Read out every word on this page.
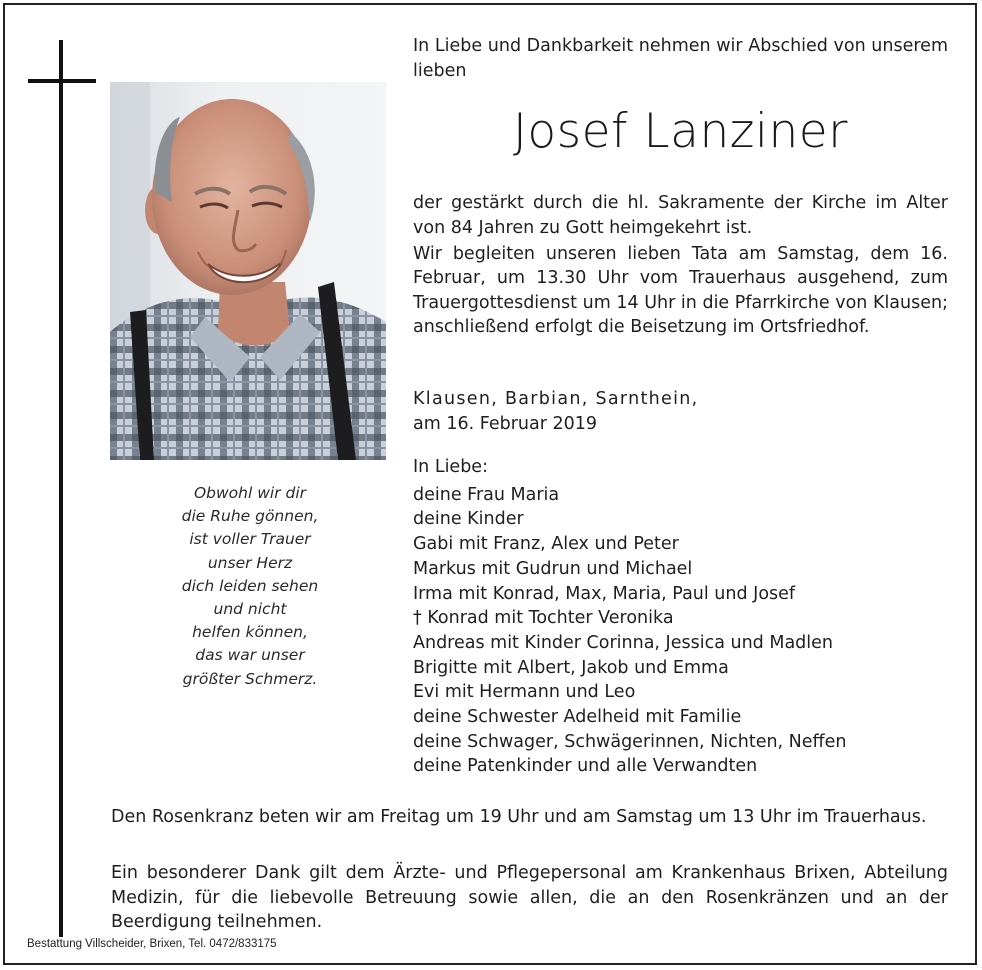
Obwohl wir dir
die Ruhe gönnen,
ist voller Trauer
unser Herz
dich leiden sehen
und nicht
helfen können,
das war unser
größter Schmerz.
In Liebe und Dankbarkeit nehmen wir Abschied von unserem lieben
Josef Lanziner
der gestärkt durch die hl. Sakramente der Kirche im Alter von 84 Jahren zu Gott heimgekehrt ist.
Wir begleiten unseren lieben Tata am Samstag, dem 16. Februar, um 13.30 Uhr vom Trauerhaus ausgehend, zum Trauergottesdienst um 14 Uhr in die Pfarrkirche von Klausen; anschließend erfolgt die Beisetzung im Ortsfriedhof.
Klausen, Barbian, Sarnthein,
am 16. Februar 2019
In Liebe:
deine Frau Maria
deine Kinder
Gabi mit Franz, Alex und Peter
Markus mit Gudrun und Michael
Irma mit Konrad, Max, Maria, Paul und Josef
† Konrad mit Tochter Veronika
Andreas mit Kinder Corinna, Jessica und Madlen
Brigitte mit Albert, Jakob und Emma
Evi mit Hermann und Leo
deine Schwester Adelheid mit Familie
deine Schwager, Schwägerinnen, Nichten, Neffen
deine Patenkinder und alle Verwandten
Den Rosenkranz beten wir am Freitag um 19 Uhr und am Samstag um 13 Uhr im Trauerhaus.
Ein besonderer Dank gilt dem Ärzte- und Pflegepersonal am Krankenhaus Brixen, Abteilung Medizin, für die liebevolle Betreuung sowie allen, die an den Rosenkränzen und an der Beerdigung teilnehmen.
Bestattung Villscheider, Brixen, Tel. 0472/833175
